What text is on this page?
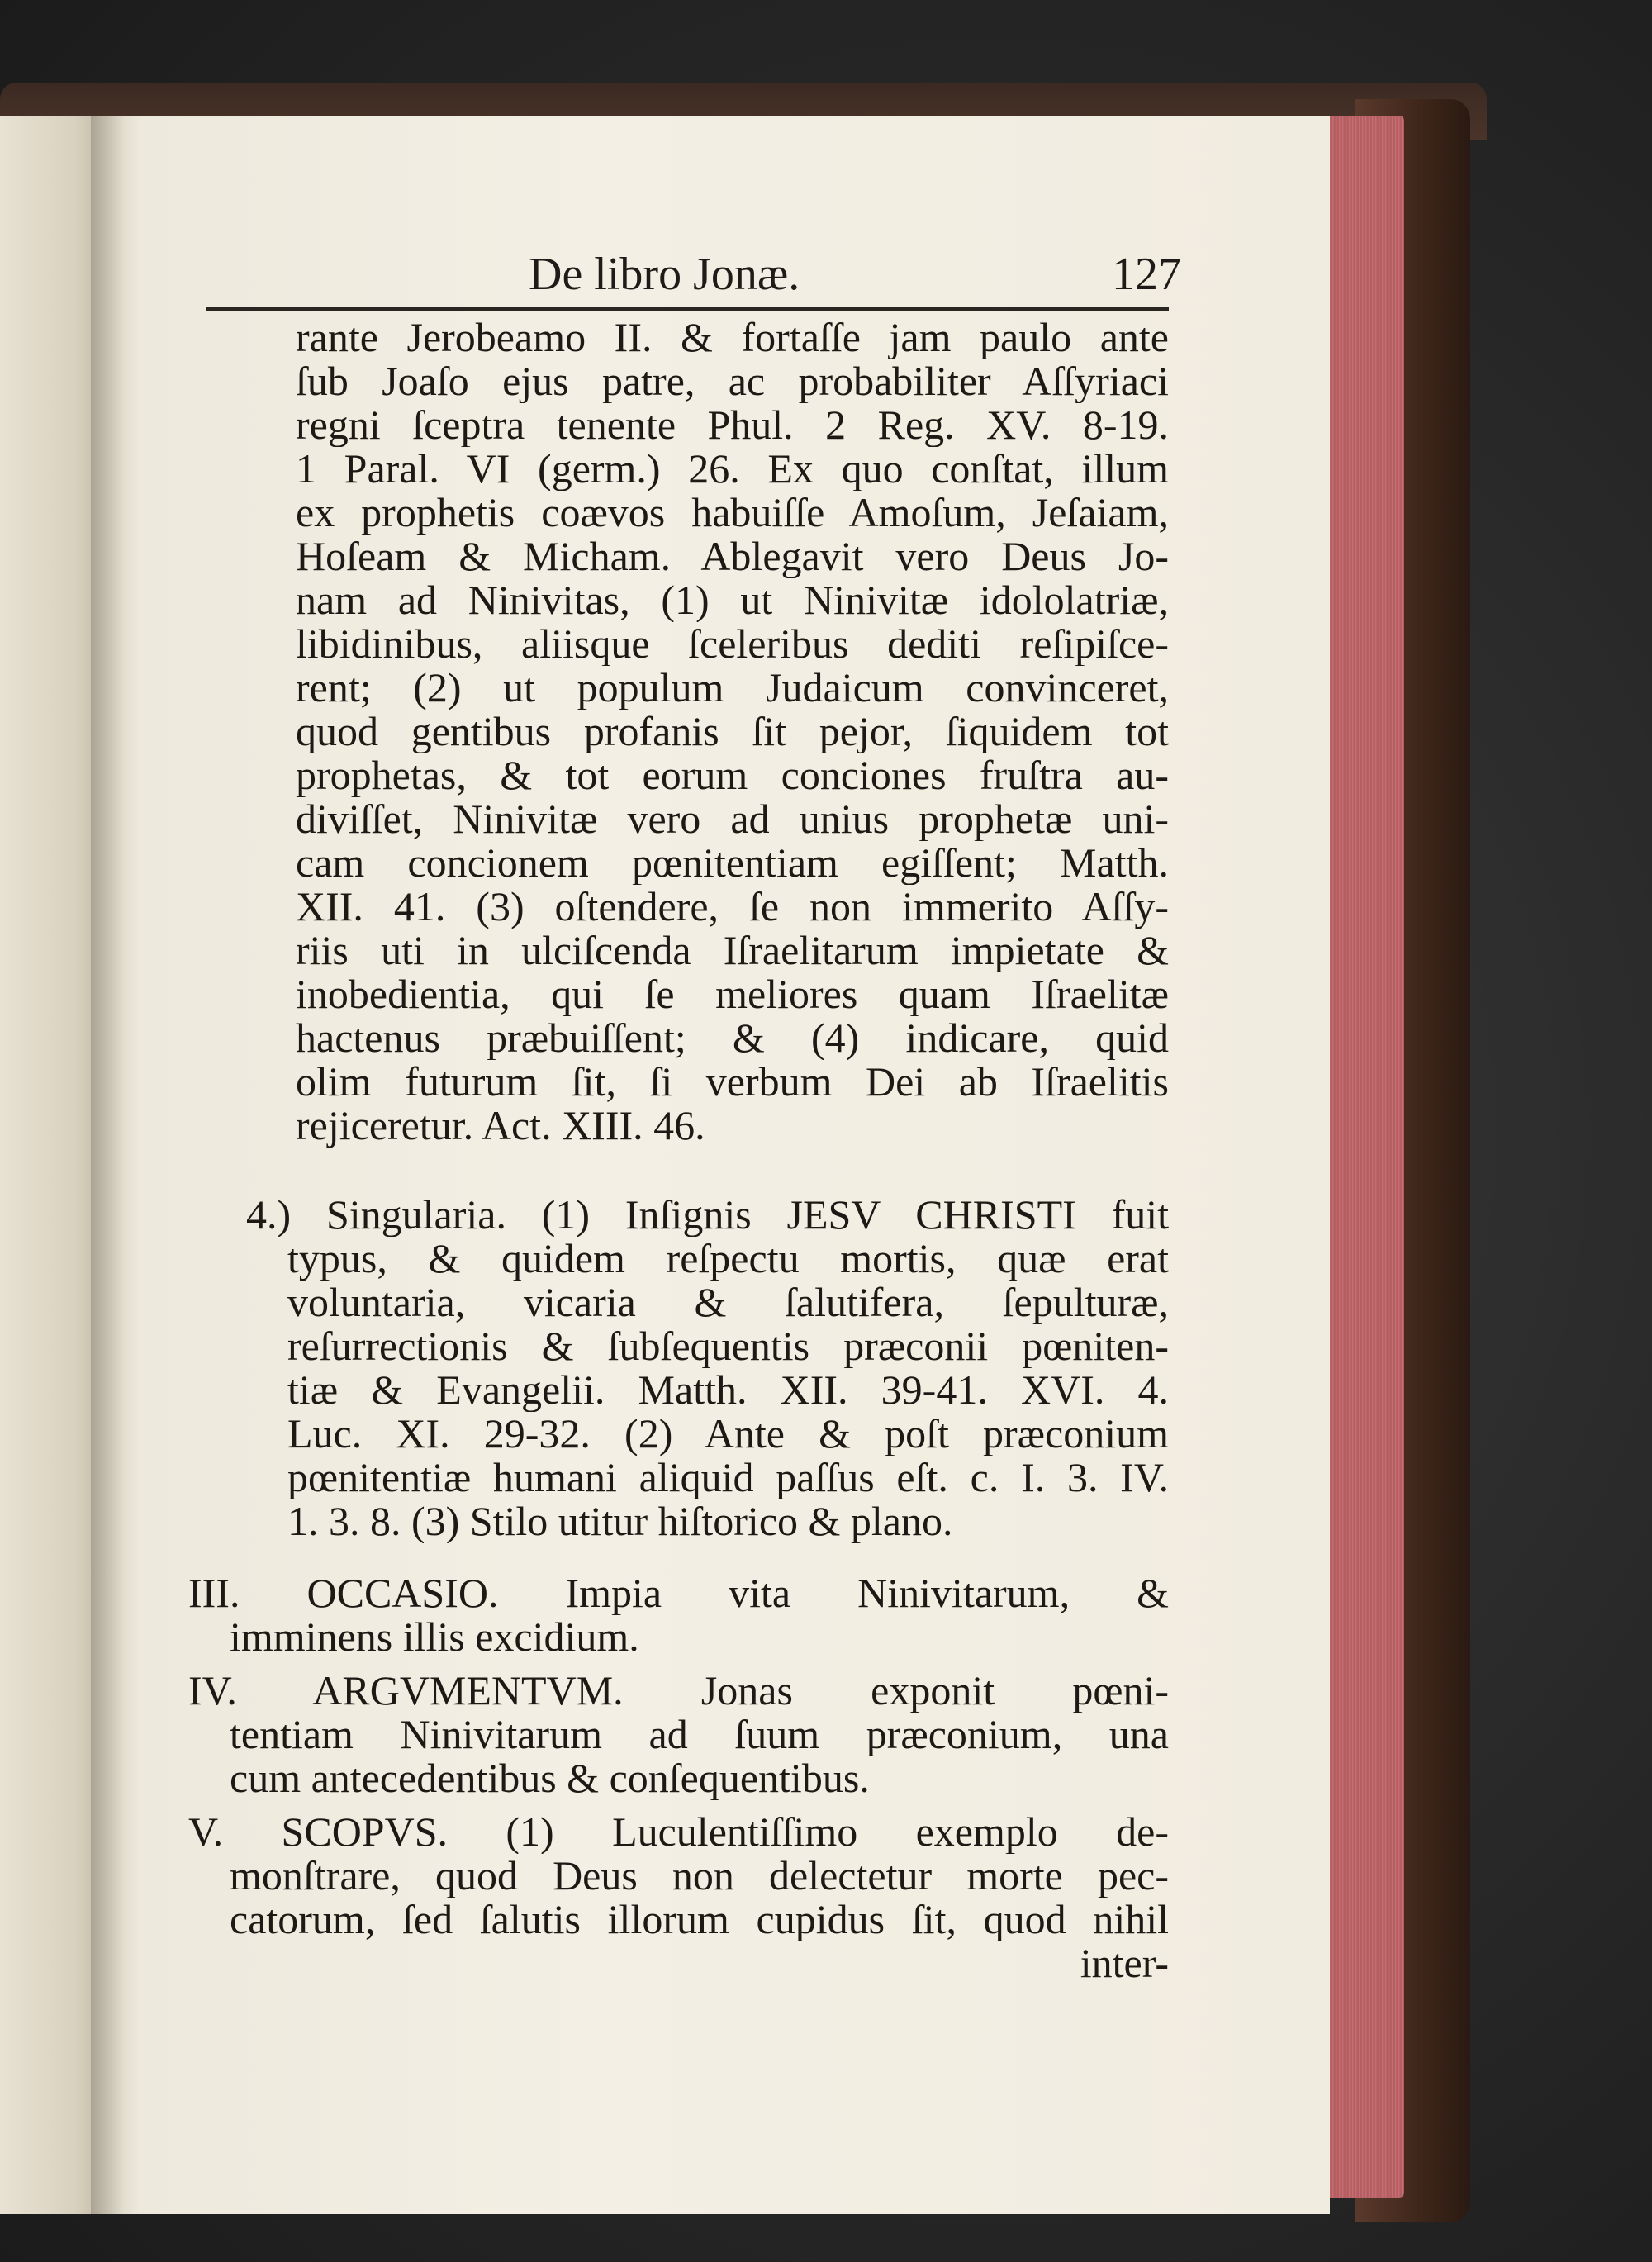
De libro Jonæ.	127
rante Jerobeamo II. & fortaſſe jam paulo ante
ſub Joaſo ejus patre, ac probabiliter Aſſyriaci
regni ſceptra tenente Phul. 2 Reg. XV. 8-19.
1 Paral. VI (germ.) 26. Ex quo conſtat, illum
ex prophetis coævos habuiſſe Amoſum, Jeſaiam,
Hoſeam & Micham. Ablegavit vero Deus Jo-
nam ad Ninivitas, (1) ut Ninivitæ idololatriæ,
libidinibus, aliisque ſceleribus dediti reſipiſce-
rent; (2) ut populum Judaicum convinceret,
quod gentibus profanis ſit pejor, ſiquidem tot
prophetas, & tot eorum conciones fruſtra au-
diviſſet, Ninivitæ vero ad unius prophetæ uni-
cam concionem pœnitentiam egiſſent; Matth.
XII. 41. (3) oſtendere, ſe non immerito Aſſy-
riis uti in ulciſcenda Iſraelitarum impietate &
inobedientia, qui ſe meliores quam Iſraelitæ
hactenus præbuiſſent; & (4) indicare, quid
olim futurum ſit, ſi verbum Dei ab Iſraelitis
rejiceretur. Act. XIII. 46.
4.) Singularia. (1) Inſignis JESV CHRISTI fuit
typus, & quidem reſpectu mortis, quæ erat
voluntaria, vicaria & ſalutifera, ſepulturæ,
reſurrectionis & ſubſequentis præconii pœniten-
tiæ & Evangelii. Matth. XII. 39-41. XVI. 4.
Luc. XI. 29-32. (2) Ante & poſt præconium
pœnitentiæ humani aliquid paſſus eſt. c. I. 3. IV.
1. 3. 8. (3) Stilo utitur hiſtorico & plano.
III. OCCASIO. Impia vita Ninivitarum, &
imminens illis excidium.
IV. ARGVMENTVM. Jonas exponit pœni-
tentiam Ninivitarum ad ſuum præconium, una
cum antecedentibus & conſequentibus.
V. SCOPVS. (1) Luculentiſſimo exemplo de-
monſtrare, quod Deus non delectetur morte pec-
catorum, ſed ſalutis illorum cupidus ſit, quod nihil
inter-
